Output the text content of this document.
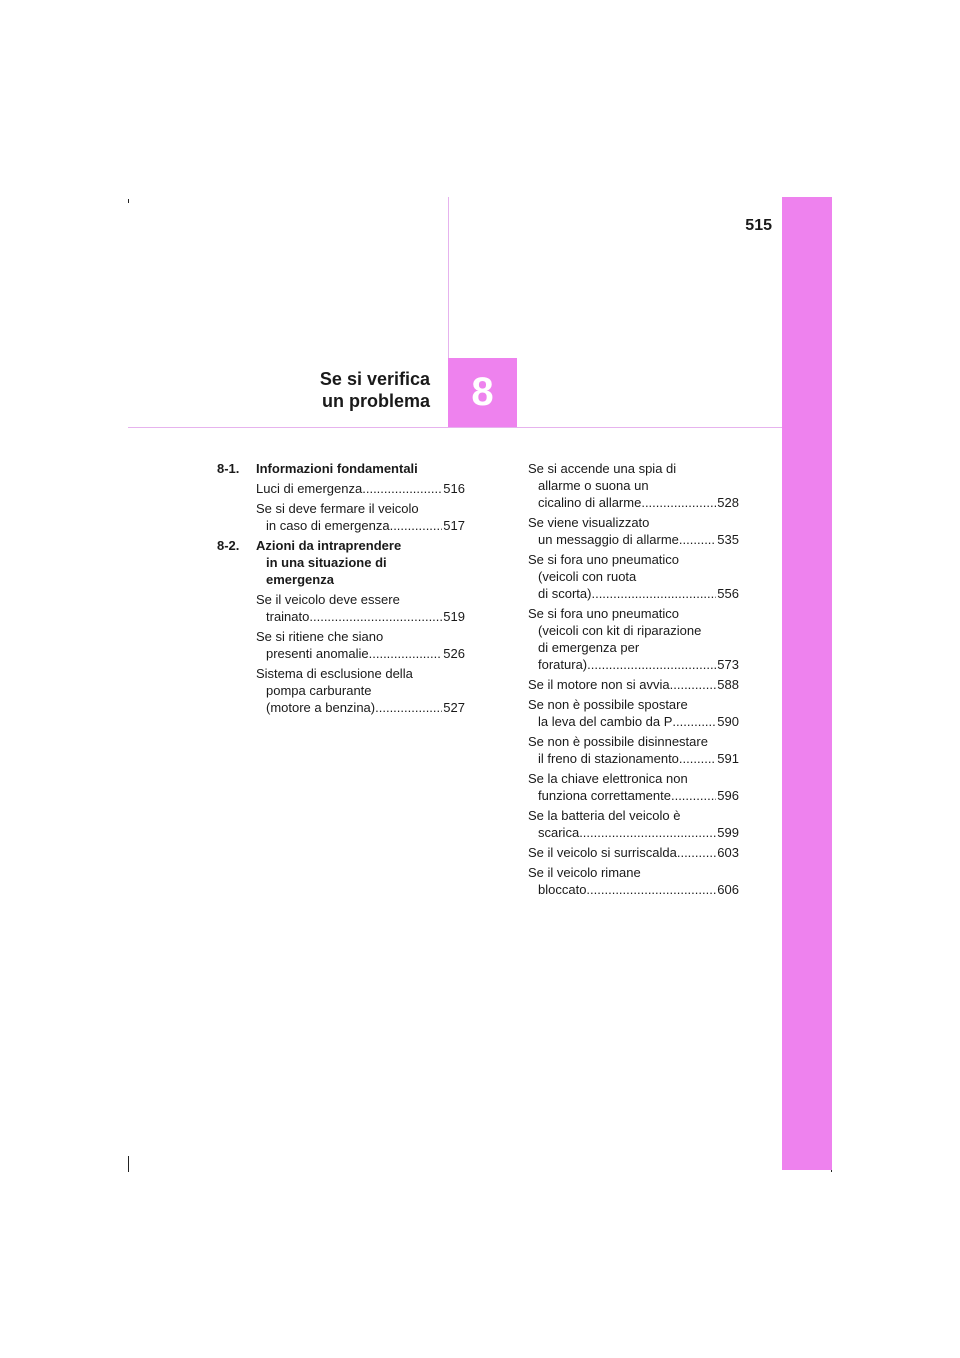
515
Se si verifica
un problema	8
8-1.	Informazioni fondamentali
Luci di emergenza .....	516
Se si deve fermare il veicolo
in caso di emergenza .....	517
8-2.	Azioni da intraprendere
in una situazione di
emergenza
Se il veicolo deve essere
trainato .....	519
Se si ritiene che siano
presenti anomalie .....	526
Sistema di esclusione della
pompa carburante
(motore a benzina) .....	527
Se si accende una spia di
allarme o suona un
cicalino di allarme .....	528
Se viene visualizzato
un messaggio di allarme .....	535
Se si fora uno pneumatico
(veicoli con ruota
di scorta) .....	556
Se si fora uno pneumatico
(veicoli con kit di riparazione
di emergenza per
foratura) .....	573
Se il motore non si avvia .....	588
Se non è possibile spostare
la leva del cambio da P .....	590
Se non è possibile disinnestare
il freno di stazionamento .....	591
Se la chiave elettronica non
funziona correttamente .....	596
Se la batteria del veicolo è
scarica .....	599
Se il veicolo si surriscalda .....	603
Se il veicolo rimane
bloccato .....	606
